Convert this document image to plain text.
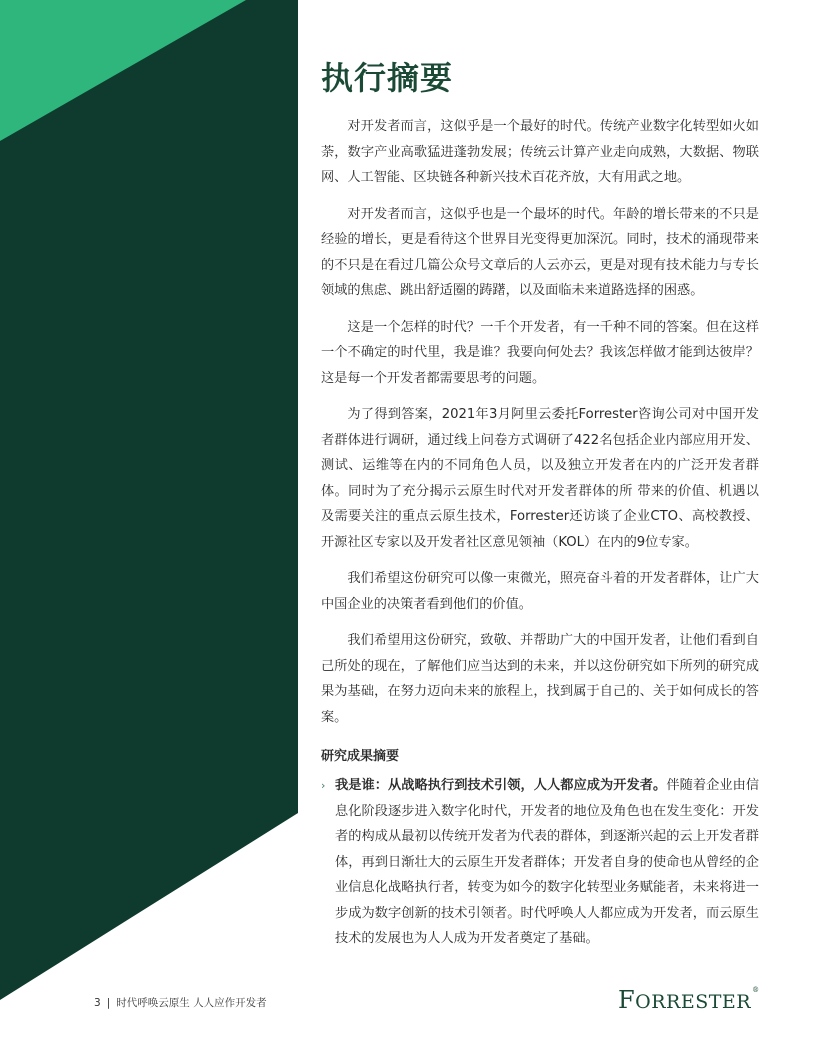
执行摘要

对开发者而言，这似乎是一个最好的时代。传统产业数字化转型如火如荼，数字产业高歌猛进蓬勃发展；传统云计算产业走向成熟，大数据、物联网、人工智能、区块链各种新兴技术百花齐放，大有用武之地。

对开发者而言，这似乎也是一个最坏的时代。年龄的增长带来的不只是经验的增长，更是看待这个世界目光变得更加深沉。同时，技术的涌现带来的不只是在看过几篇公众号文章后的人云亦云，更是对现有技术能力与专长领域的焦虑、跳出舒适圈的踌躇，以及面临未来道路选择的困惑。

这是一个怎样的时代？一千个开发者，有一千种不同的答案。但在这样一个不确定的时代里，我是谁？我要向何处去？我该怎样做才能到达彼岸？这是每一个开发者都需要思考的问题。

为了得到答案，2021年3月阿里云委托Forrester咨询公司对中国开发者群体进行调研，通过线上问卷方式调研了422名包括企业内部应用开发、测试、运维等在内的不同角色人员，以及独立开发者在内的广泛开发者群体。同时为了充分揭示云原生时代对开发者群体的所 带来的价值、机遇以及需要关注的重点云原生技术，Forrester还访谈了企业CTO、高校教授、开源社区专家以及开发者社区意见领袖（KOL）在内的9位专家。

我们希望这份研究可以像一束微光，照亮奋斗着的开发者群体，让广大中国企业的决策者看到他们的价值。

我们希望用这份研究，致敬、并帮助广大的中国开发者，让他们看到自己所处的现在，了解他们应当达到的未来，并以这份研究如下所列的研究成果为基础，在努力迈向未来的旅程上，找到属于自己的、关于如何成长的答案。

研究成果摘要
› 我是谁：从战略执行到技术引领，人人都应成为开发者。伴随着企业由信息化阶段逐步进入数字化时代，开发者的地位及角色也在发生变化：开发者的构成从最初以传统开发者为代表的群体，到逐渐兴起的云上开发者群体，再到日渐壮大的云原生开发者群体；开发者自身的使命也从曾经的企业信息化战略执行者，转变为如今的数字化转型业务赋能者，未来将进一步成为数字创新的技术引领者。时代呼唤人人都应成为开发者，而云原生技术的发展也为人人成为开发者奠定了基础。
3 | 时代呼唤云原生 人人应作开发者	FORRESTER®
